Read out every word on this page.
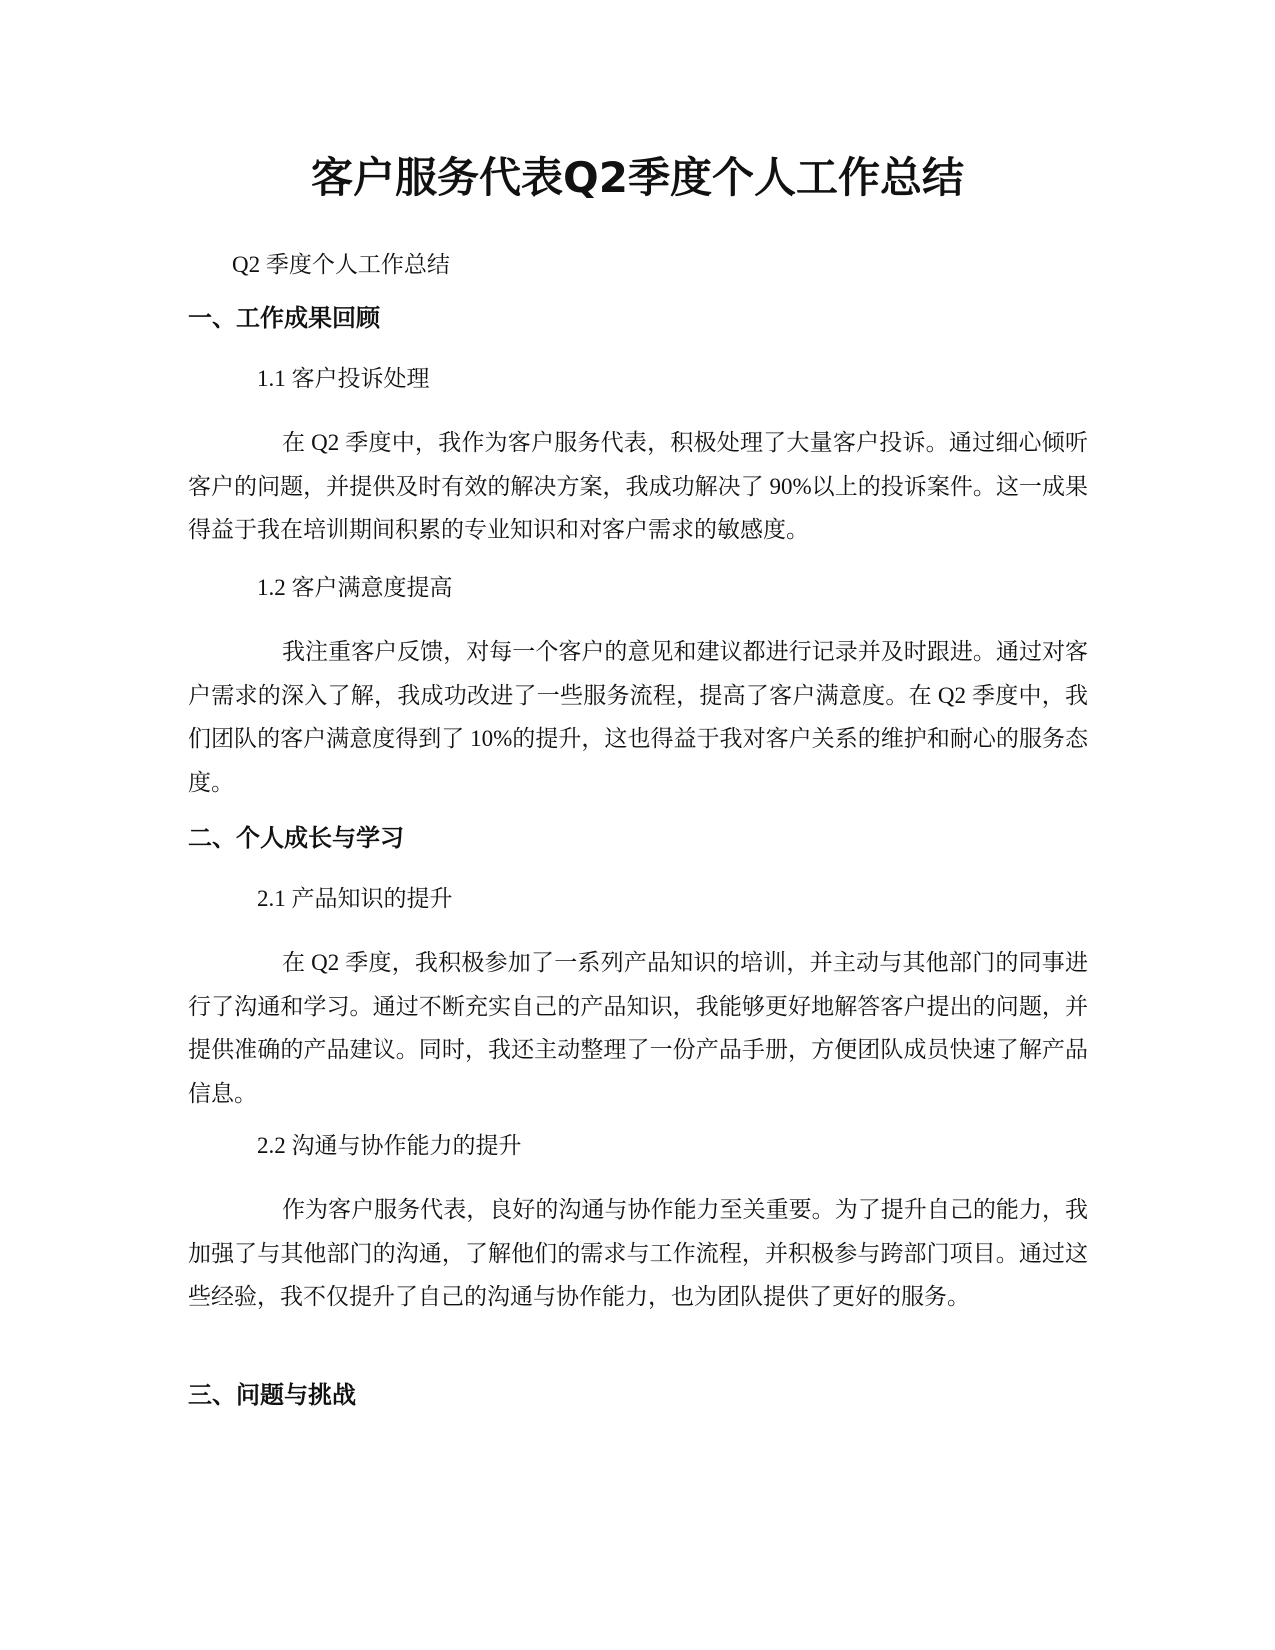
客户服务代表Q2季度个人工作总结
Q2 季度个人工作总结
一、工作成果回顾
1.1 客户投诉处理

在 Q2 季度中，我作为客户服务代表，积极处理了大量客户投诉。通过细心倾听客户的问题，并提供及时有效的解决方案，我成功解决了 90%以上的投诉案件。这一成果得益于我在培训期间积累的专业知识和对客户需求的敏感度。

1.2 客户满意度提高

我注重客户反馈，对每一个客户的意见和建议都进行记录并及时跟进。通过对客户需求的深入了解，我成功改进了一些服务流程，提高了客户满意度。在 Q2 季度中，我们团队的客户满意度得到了 10%的提升，这也得益于我对客户关系的维护和耐心的服务态度。

二、个人成长与学习
2.1 产品知识的提升

在 Q2 季度，我积极参加了一系列产品知识的培训，并主动与其他部门的同事进行了沟通和学习。通过不断充实自己的产品知识，我能够更好地解答客户提出的问题，并提供准确的产品建议。同时，我还主动整理了一份产品手册，方便团队成员快速了解产品信息。

2.2 沟通与协作能力的提升

作为客户服务代表，良好的沟通与协作能力至关重要。为了提升自己的能力，我加强了与其他部门的沟通，了解他们的需求与工作流程，并积极参与跨部门项目。通过这些经验，我不仅提升了自己的沟通与协作能力，也为团队提供了更好的服务。

三、问题与挑战
